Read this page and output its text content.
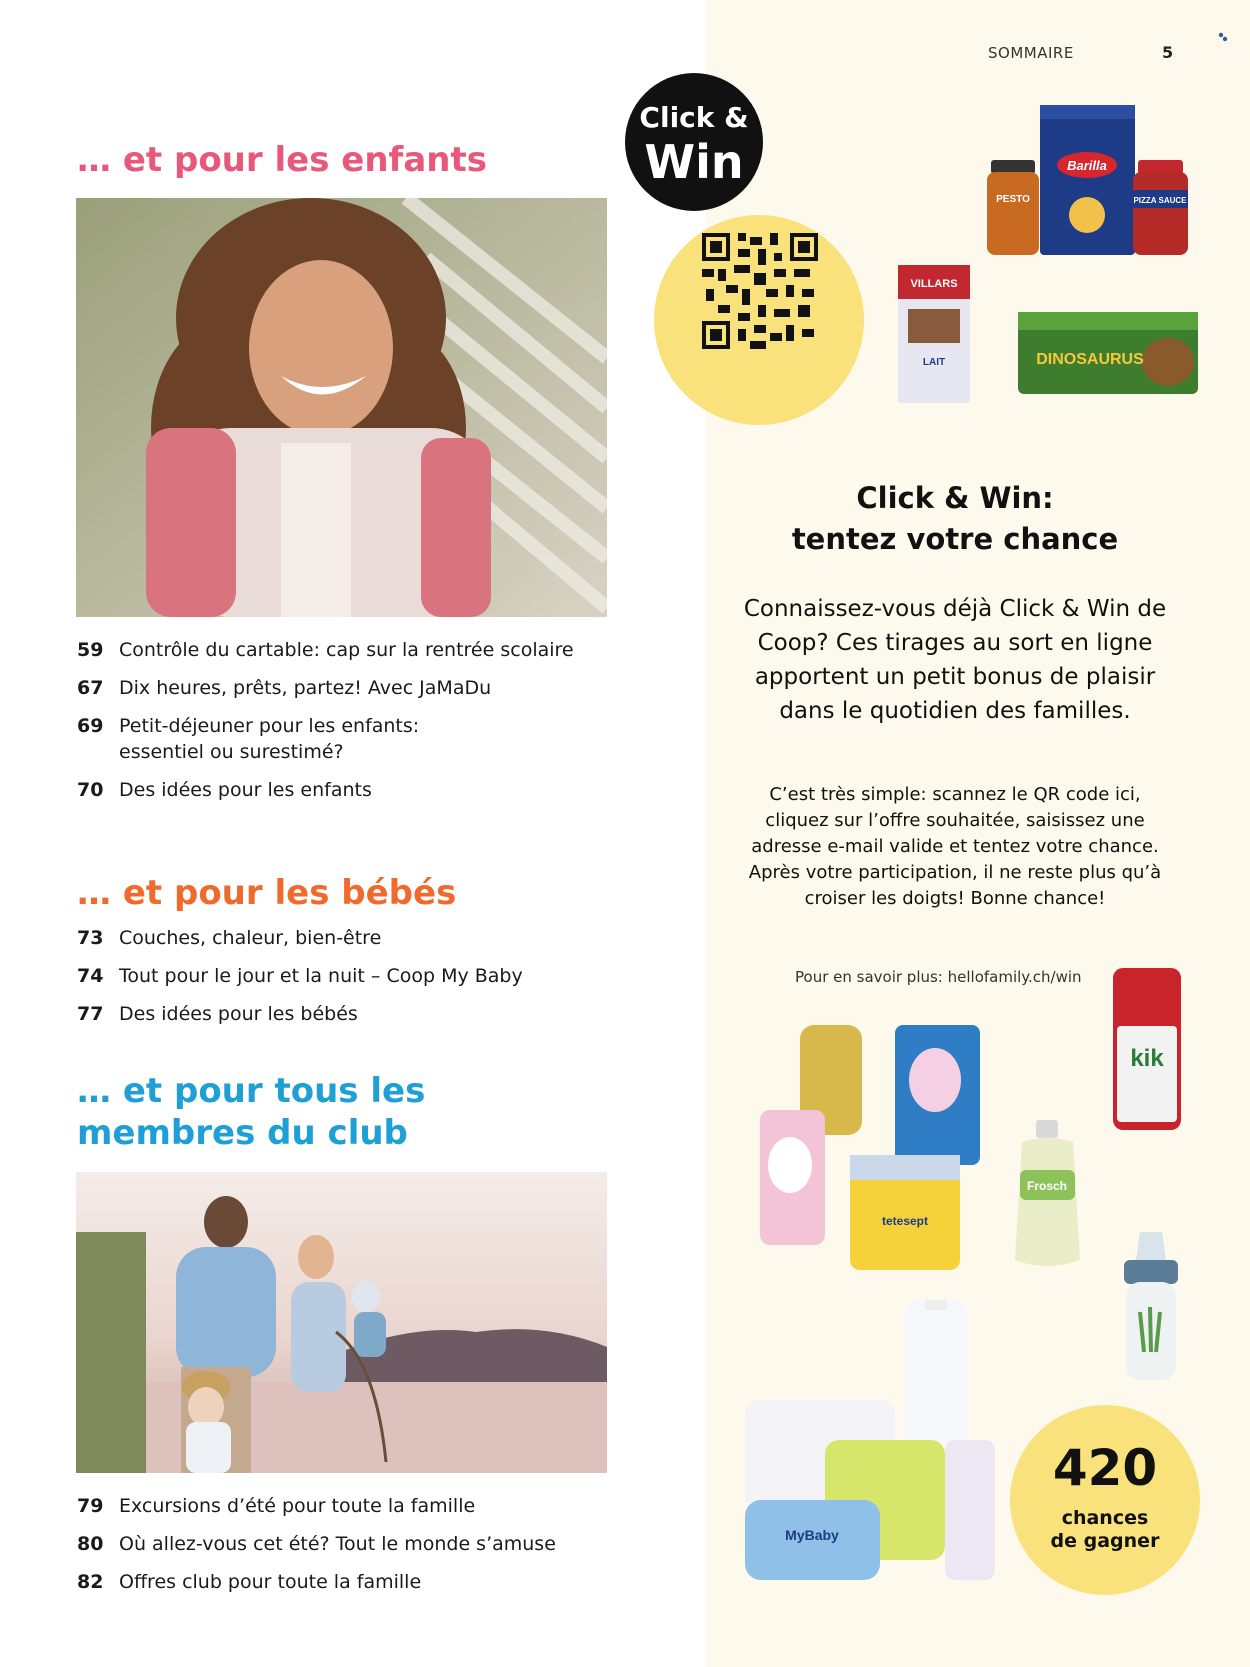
SOMMAIRE	5
… et pour les enfants
59 Contrôle du cartable: cap sur la rentrée scolaire
67 Dix heures, prêts, partez! Avec JaMaDu
69 Petit-déjeuner pour les enfants: essentiel ou surestimé?
70 Des idées pour les enfants
… et pour les bébés
73 Couches, chaleur, bien-être
74 Tout pour le jour et la nuit – Coop My Baby
77 Des idées pour les bébés
… et pour tous les
membres du club
79 Excursions d’été pour toute la famille
80 Où allez-vous cet été? Tout le monde s’amuse
82 Offres club pour toute la famille
Click &
Win	Barilla
PESTO	PIZZA SAUCE
VILLARS
LAIT	DINOSAURUS
Click & Win:
tentez votre chance
Connaissez-vous déjà Click & Win de Coop? Ces tirages au sort en ligne apportent un petit bonus de plaisir dans le quotidien des familles.
C’est très simple: scannez le QR code ici, cliquez sur l’offre souhaitée, saisissez une adresse e-mail valide et tentez votre chance. Après votre participation, il ne reste plus qu’à croiser les doigts! Bonne chance!
Pour en savoir plus: hellofamily.ch/win
kik
tetesept
Frosch
MyBaby
420
chances
de gagner
